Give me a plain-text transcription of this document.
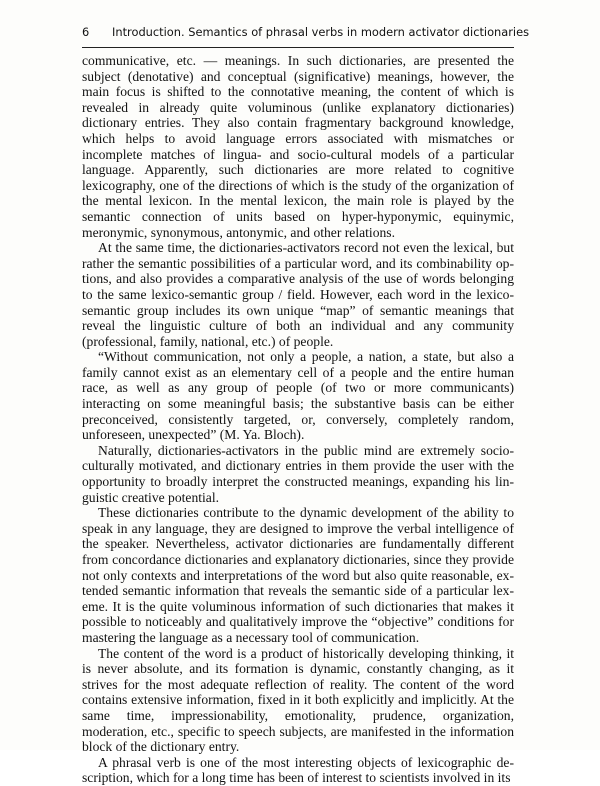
6 Introduction. Semantics of phrasal verbs in modern activator dictionaries

communicative, etc. — meanings. In such dictionaries, are presented the subject (denotative) and conceptual (significative) meanings, however, the main focus is shifted to the connotative meaning, the content of which is revealed in already quite voluminous (unlike explanatory dictionaries) dictionary entries. They also contain fragmentary background knowledge, which helps to avoid language errors associated with mismatches or incomplete matches of lingua- and socio-cultural models of a particular language. Apparently, such dictionaries are more related to cognitive lexicography, one of the directions of which is the study of the organization of the mental lexicon. In the mental lexicon, the main role is played by the semantic connection of units based on hyper-hyponymic, equinymic, meronymic, synonymous, antonymic, and other relations.

At the same time, the dictionaries-activators record not even the lexical, but rather the semantic possibilities of a particular word, and its combinability options, and also provides a comparative analysis of the use of words belonging to the same lexico-semantic group / field. However, each word in the lexico-semantic group includes its own unique “map” of semantic meanings that reveal the linguistic culture of both an individual and any community (professional, family, national, etc.) of people.

“Without communication, not only a people, a nation, a state, but also a family cannot exist as an elementary cell of a people and the entire human race, as well as any group of people (of two or more communicants) interacting on some meaningful basis; the substantive basis can be either preconceived, consistently targeted, or, conversely, completely random, unforeseen, unexpected” (M. Ya. Bloch).

Naturally, dictionaries-activators in the public mind are extremely socioculturally motivated, and dictionary entries in them provide the user with the opportunity to broadly interpret the constructed meanings, expanding his linguistic creative potential.

These dictionaries contribute to the dynamic development of the ability to speak in any language, they are designed to improve the verbal intelligence of the speaker. Nevertheless, activator dictionaries are fundamentally different from concordance dictionaries and explanatory dictionaries, since they provide not only contexts and interpretations of the word but also quite reasonable, extended semantic information that reveals the semantic side of a particular lexeme. It is the quite voluminous information of such dictionaries that makes it possible to noticeably and qualitatively improve the “objective” conditions for mastering the language as a necessary tool of communication.

The content of the word is a product of historically developing thinking, it is never absolute, and its formation is dynamic, constantly changing, as it strives for the most adequate reflection of reality. The content of the word contains extensive information, fixed in it both explicitly and implicitly. At the same time, impressionability, emotionality, prudence, organization, moderation, etc., specific to speech subjects, are manifested in the information block of the dictionary entry.

A phrasal verb is one of the most interesting objects of lexicographic description, which for a long time has been of interest to scientists involved in its
